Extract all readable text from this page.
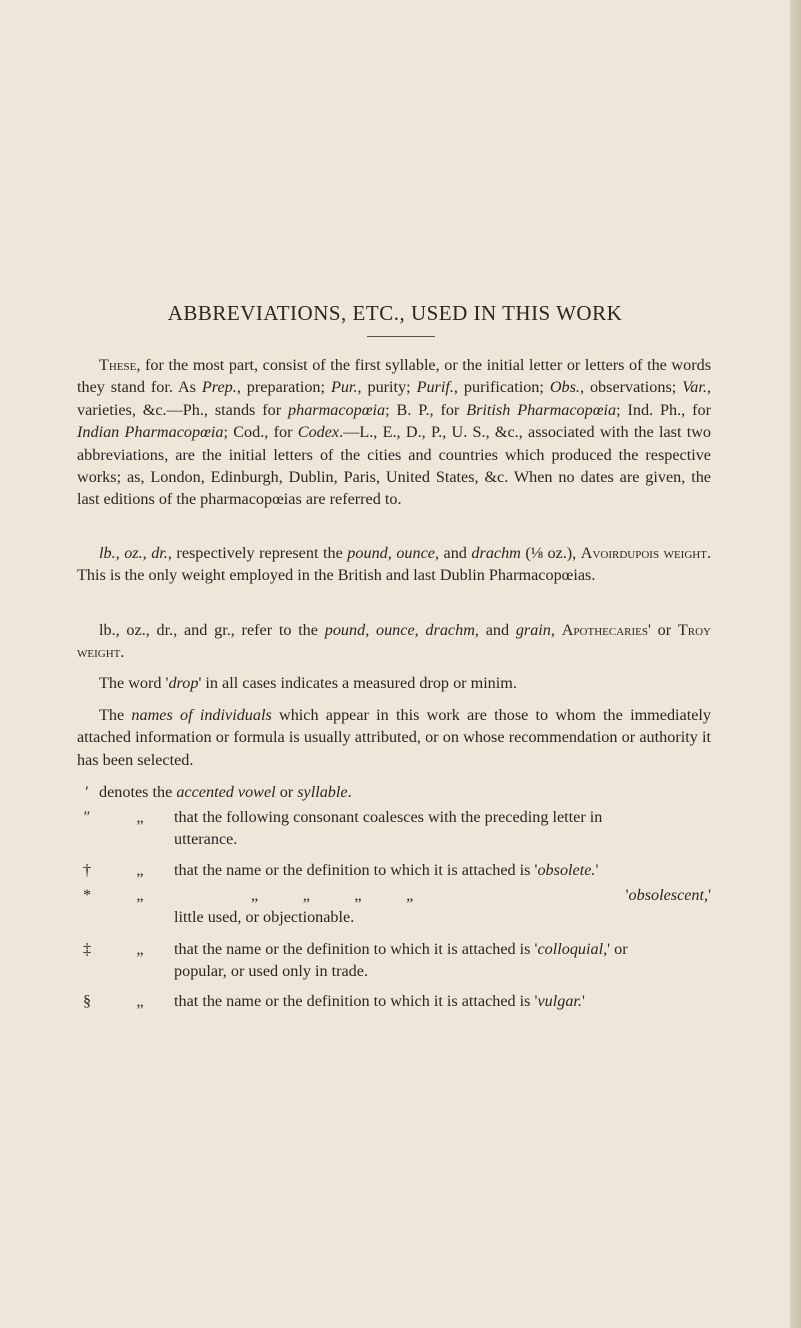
ABBREVIATIONS, ETC., USED IN THIS WORK

These, for the most part, consist of the first syllable, or the initial letter or letters of the words they stand for. As Prep., preparation; Pur., purity; Purif., purification; Obs., observations; Var., varieties, &c.—Ph., stands for pharmacopœia; B. P., for British Pharmacopœia; Ind. Ph., for Indian Pharmacopœia; Cod., for Codex.—L., E., D., P., U. S., &c., associated with the last two abbreviations, are the initial letters of the cities and countries which produced the respective works; as, London, Edinburgh, Dublin, Paris, United States, &c. When no dates are given, the last editions of the pharmacopœias are referred to.

lb., oz., dr., respectively represent the pound, ounce, and drachm (⅛ oz.), Avoirdupois weight. This is the only weight employed in the British and last Dublin Pharmacopœias.

lb., oz., dr., and gr., refer to the pound, ounce, drachm, and grain, Apothecaries' or Troy weight.

The word 'drop' in all cases indicates a measured drop or minim.

The names of individuals which appear in this work are those to whom the immediately attached information or formula is usually attributed, or on whose recommendation or authority it has been selected.

′ denotes the accented vowel or syllable.
″	„	that the following consonant coalesces with the preceding letter in
utterance.
†	„	that the name or the definition to which it is attached is 'obsolete.'
*	„	„           „           „           „	'obsolescent,'
little used, or objectionable.
‡	„	that the name or the definition to which it is attached is 'colloquial,' or
popular, or used only in trade.
§	„	that the name or the definition to which it is attached is 'vulgar.'
